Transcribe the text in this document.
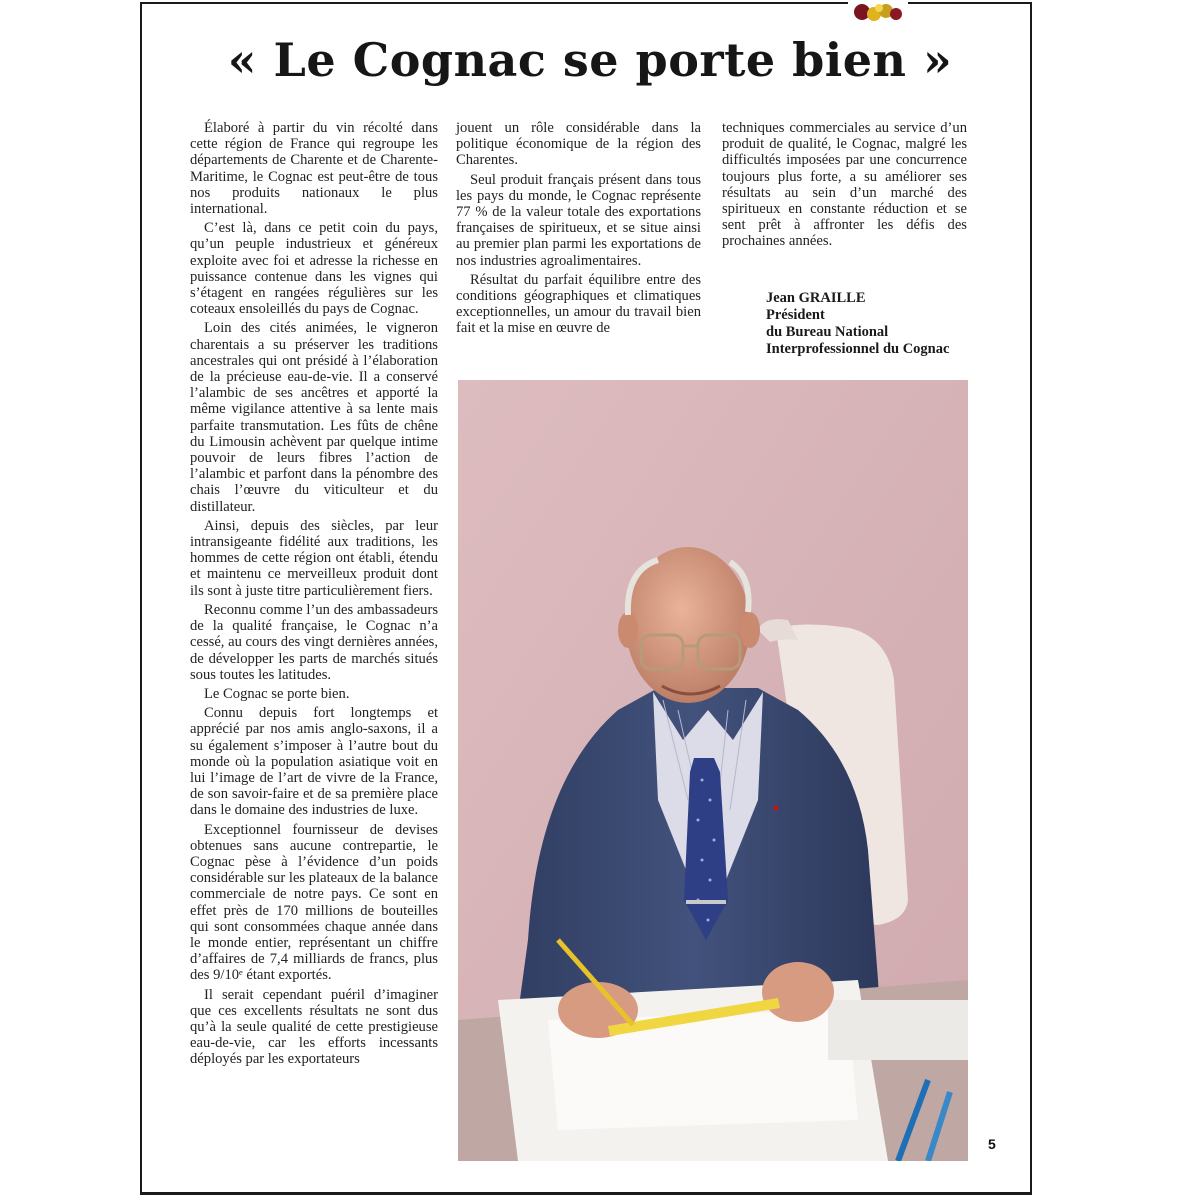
« Le Cognac se porte bien »

Élaboré à partir du vin récolté dans cette région de France qui regroupe les départements de Charente et de Charente-Maritime, le Cognac est peut-être de tous nos produits nationaux le plus international.

C’est là, dans ce petit coin du pays, qu’un peuple industrieux et généreux exploite avec foi et adresse la richesse en puissance contenue dans les vignes qui s’étagent en rangées régulières sur les coteaux ensoleillés du pays de Cognac.

Loin des cités animées, le vigneron charentais a su préserver les traditions ancestrales qui ont présidé à l’élaboration de la précieuse eau-de-vie. Il a conservé l’alambic de ses ancêtres et apporté la même vigilance attentive à sa lente mais parfaite transmutation. Les fûts de chêne du Limousin achèvent par quelque intime pouvoir de leurs fibres l’action de l’alambic et parfont dans la pénombre des chais l’œuvre du viticulteur et du distillateur.

Ainsi, depuis des siècles, par leur intransigeante fidélité aux traditions, les hommes de cette région ont établi, étendu et maintenu ce merveilleux produit dont ils sont à juste titre particulièrement fiers.

Reconnu comme l’un des ambassadeurs de la qualité française, le Cognac n’a cessé, au cours des vingt dernières années, de développer les parts de marchés situés sous toutes les latitudes.

Le Cognac se porte bien.

Connu depuis fort longtemps et apprécié par nos amis anglo-saxons, il a su également s’imposer à l’autre bout du monde où la population asiatique voit en lui l’image de l’art de vivre de la France, de son savoir-faire et de sa première place dans le domaine des industries de luxe.

Exceptionnel fournisseur de devises obtenues sans aucune contrepartie, le Cognac pèse à l’évidence d’un poids considérable sur les plateaux de la balance commerciale de notre pays. Ce sont en effet près de 170 millions de bouteilles qui sont consommées chaque année dans le monde entier, représentant un chiffre d’affaires de 7,4 milliards de francs, plus des 9/10ᵉ étant exportés.

Il serait cependant puéril d’imaginer que ces excellents résultats ne sont dus qu’à la seule qualité de cette prestigieuse eau-de-vie, car les efforts incessants déployés par les exportateurs

jouent un rôle considérable dans la politique économique de la région des Charentes.

Seul produit français présent dans tous les pays du monde, le Cognac représente 77 % de la valeur totale des exportations françaises de spiritueux, et se situe ainsi au premier plan parmi les exportations de nos industries agroalimentaires.

Résultat du parfait équilibre entre des conditions géographiques et climatiques exceptionnelles, un amour du travail bien fait et la mise en œuvre de

techniques commerciales au service d’un produit de qualité, le Cognac, malgré les difficultés imposées par une concurrence toujours plus forte, a su améliorer ses résultats au sein d’un marché des spiritueux en constante réduction et se sent prêt à affronter les défis des prochaines années.

Jean GRAILLE
Président
du Bureau National
Interprofessionnel du Cognac
5
